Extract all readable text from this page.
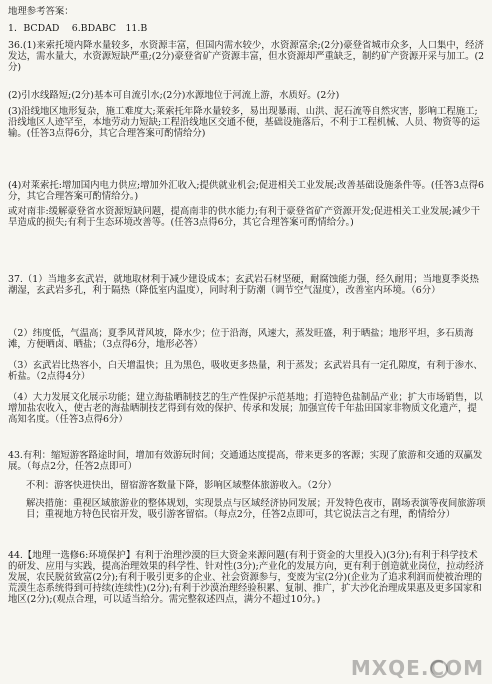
地理参考答案：
1．BCDAD　 6.BDABC　11.B
36.(1)来索托境内降水量较多，水资源丰富，但国内需水较少，水资源富余;(2分)豪登省城市众多，人口集中，经济发达，需水量大，水资源短缺严重;(2分)豪登省矿产资源丰富，但水资源却严重缺乏，制约矿产资源开采与加工。(2分)
(2)引水线路短;(2分)基本可自流引水;(2分)水源地位于河流上游，水质好。(2分)
(3)沿线地区地形复杂，施工难度大;莱索托年降水量较多，易出现暴雨、山洪、泥石流等自然灾害，影响工程施工;沿线地区人迹罕至，本地劳动力短缺;工程沿线地区交通不便，基础设施落后，不利于工程机械、人员、物资等的运输。(任答3点得6分，其它合理答案可酌情给分)
(4)对莱索托:增加国内电力供应;增加外汇收入;提供就业机会;促进相关工业发展;改善基础设施条件等。(任答3点得6分，其它合理答案可酌情给分。)
或对南非:缓解豪登省水资源短缺问题，提高南非的供水能力;有利于豪登省矿产资源开发;促进相关工业发展;减少干旱造成的损失;有利于生态环境改善等。(任答3点得6分，其它合理答案可酌情给分。)
37.（1）当地多玄武岩，就地取材利于减少建设成本；玄武岩石材坚硬，耐腐蚀能力强，经久耐用；当地夏季炎热潮湿，玄武岩多孔，利于隔热（降低室内温度），同时利于防潮（调节空气湿度），改善室内环境。（6分）
（2）纬度低，气温高；夏季风背风坡，降水少；位于沿海，风速大，蒸发旺盛，利于晒盐；地形平坦，多石质海滩，方便晒卤、晒盐；（3点得6分，地形必答）
（3）玄武岩比热容小，白天增温快；且为黑色，吸收更多热量，利于蒸发；玄武岩具有一定孔隙度，有利于渗水、析盐。（2点得4分）
（4）大力发展文化展示功能；建立海盐晒制技艺的生产性保护示范基地；打造特色盐制品产业；扩大市场销售，以增加盐农收入，使古老的海盐晒制技艺得到有效的保护、传承和发展；加强宣传千年盐田国家非物质文化遗产，提高知名度。（任答3点得6分）
43.有利：缩短游客路途时间，增加有效游玩时间；交通通达度提高，带来更多的客源；实现了旅游和交通的双赢发展。（每点2分，任答2点即可）
不利：游客快进快出，留宿游客数量下降，影响区域整体旅游收入。（2分）
解决措施：重视区域旅游业的整体规划，实现景点与区域经济协同发展；开发特色夜市，剧场表演等夜间旅游项目；重视地方特色民宿开发，吸引游客留宿。（每点2分，任答2点即可，其它说法言之有理，酌情给分）
44.【地理一选修6:环境保护】有利于治理沙漠的巨大资金来源问题(有利于资金的大里投入)(3分);有利于科学技术的研发、应用与实践，提高治理效果的科学性、针对性(3分);产业化的发展方向，更有利于创造就业岗位，拉动经济发展，农民脱贫致富(2分);有利于吸引更多的企业、社会资源参与，变废为宝(2分)(企业为了追求利润而使被治理的荒漠生态系统得到可持续(连续性)(2分);有利于沙漠治理经验积累、复制、推广，扩大沙化治理成果惠及更多国家和地区(2分);(观点合理，可以适当给分。需完整叙述四点，满分不超过10分。)
MXQE.COM
